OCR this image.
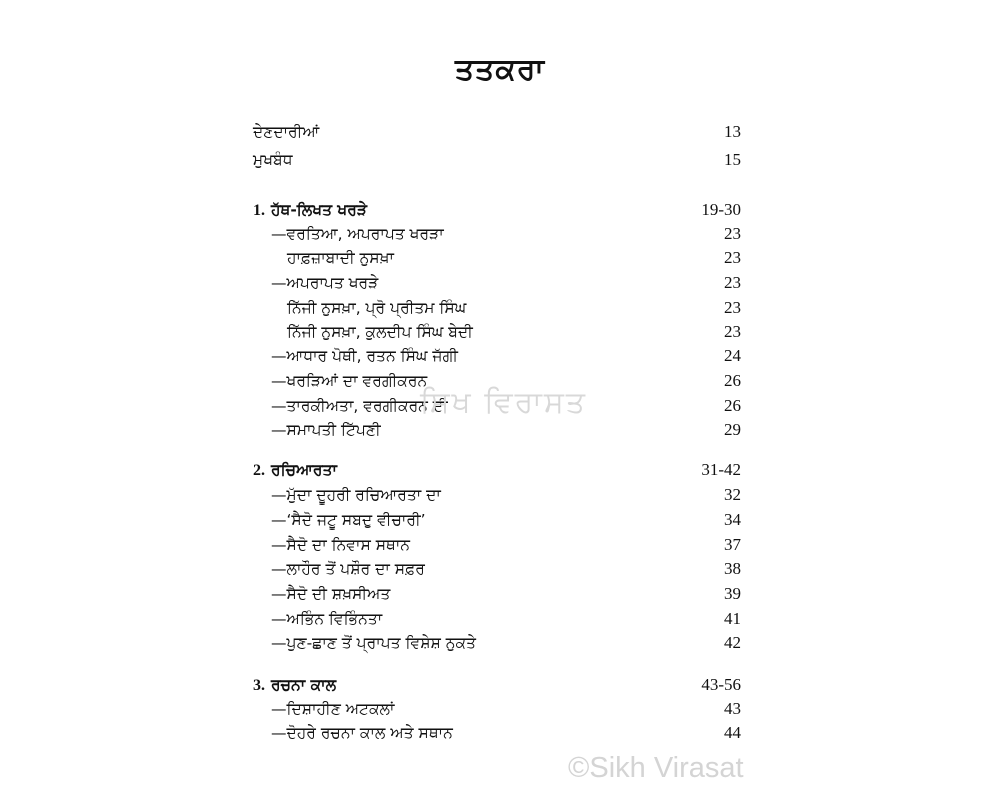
ਤਤਕਰਾ
ਦੇਣਦਾਰੀਆਂ	13
ਮੁਖਬੰਧ	15
1. ਹੱਥ-ਲਿਖਤ ਖਰੜੇ	19-30
—ਵਰਤਿਆ, ਅਪਰਾਪਤ ਖਰੜਾ	23
ਹਾਫ਼ਜ਼ਾਬਾਦੀ ਨੁਸਖ਼ਾ	23
—ਅਪਰਾਪਤ ਖਰੜੇ	23
ਨਿੱਜੀ ਨੁਸਖ਼ਾ, ਪ੍ਰੋ ਪ੍ਰੀਤਮ ਸਿੰਘ	23
ਨਿੱਜੀ ਨੁਸਖ਼ਾ, ਕੁਲਦੀਪ ਸਿੰਘ ਬੇਦੀ	23
—ਆਧਾਰ ਪੋਥੀ, ਰਤਨ ਸਿੰਘ ਜੱਗੀ	24
—ਖਰੜਿਆਂ ਦਾ ਵਰਗੀਕਰਨ	26
—ਤਾਰਕੀਅਤਾ, ਵਰਗੀਕਰਨ ਦੀ	26
—ਸਮਾਪਤੀ ਟਿੱਪਣੀ	29
2. ਰਚਿਆਰਤਾ	31-42
—ਮੁੱਦਾ ਦੂਹਰੀ ਰਚਿਆਰਤਾ ਦਾ	32
—‘ਸੈਦੋ ਜਟੂ ਸਬਦੁ ਵੀਚਾਰੀ’	34
—ਸੈਦੋ ਦਾ ਨਿਵਾਸ ਸਥਾਨ	37
—ਲਾਹੌਰ ਤੋਂ ਪਸ਼ੌਰ ਦਾ ਸਫ਼ਰ	38
—ਸੈਦੋ ਦੀ ਸ਼ਖ਼ਸੀਅਤ	39
—ਅਭਿੰਨ ਵਿਭਿੰਨਤਾ	41
—ਪੁਣ-ਛਾਣ ਤੋਂ ਪ੍ਰਾਪਤ ਵਿਸ਼ੇਸ਼ ਨੁਕਤੇ	42
3. ਰਚਨਾ ਕਾਲ	43-56
—ਦਿਸ਼ਾਹੀਣ ਅਟਕਲਾਂ	43
—ਦੋਹਰੇ ਰਚਨਾ ਕਾਲ ਅਤੇ ਸਥਾਨ	44
ਸਿਖ ਵਿਰਾਸਤ
©Sikh Virasat
